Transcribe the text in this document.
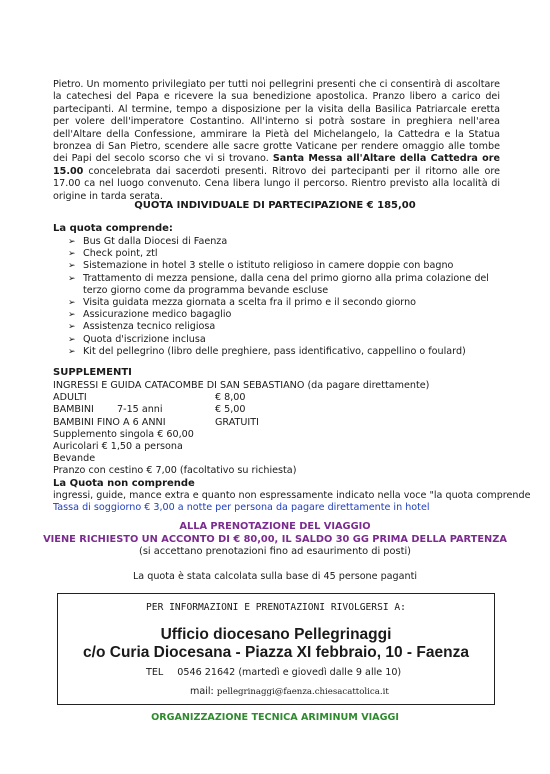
Pietro. Un momento privilegiato per tutti noi pellegrini presenti che ci consentirà di ascoltare la catechesi del Papa e ricevere la sua benedizione apostolica. Pranzo libero a carico dei partecipanti. Al termine, tempo a disposizione per la visita della Basilica Patriarcale eretta per volere dell'imperatore Costantino. All'interno si potrà sostare in preghiera nell'area dell'Altare della Confessione, ammirare la Pietà del Michelangelo, la Cattedra e la Statua bronzea di San Pietro, scendere alle sacre grotte Vaticane per rendere omaggio alle tombe dei Papi del secolo scorso che vi si trovano. Santa Messa all'Altare della Cattedra ore 15.00 concelebrata dai sacerdoti presenti. Ritrovo dei partecipanti per il ritorno alle ore 17.00 ca nel luogo convenuto. Cena libera lungo il percorso. Rientro previsto alla località di origine in tarda serata.
QUOTA INDIVIDUALE DI PARTECIPAZIONE € 185,00
La quota comprende:
➢ Bus Gt dalla Diocesi di Faenza
➢ Check point, ztl
➢ Sistemazione in hotel 3 stelle o istituto religioso in camere doppie con bagno
➢ Trattamento di mezza pensione, dalla cena del primo giorno alla prima colazione del terzo giorno come da programma bevande escluse
➢ Visita guidata mezza giornata a scelta fra il primo e il secondo giorno
➢ Assicurazione medico bagaglio
➢ Assistenza tecnico religiosa
➢ Quota d'iscrizione inclusa
➢ Kit del pellegrino (libro delle preghiere, pass identificativo, cappellino o foulard)
SUPPLEMENTI
INGRESSI E GUIDA CATACOMBE DI SAN SEBASTIANO (da pagare direttamente)
ADULTI	€ 8,00
BAMBINI 7-15 anni	€ 5,00
BAMBINI FINO A 6 ANNI	GRATUITI
Supplemento singola € 60,00
Auricolari € 1,50 a persona
Bevande
Pranzo con cestino € 7,00 (facoltativo su richiesta)
La Quota non comprende
ingressi, guide, mance extra e quanto non espressamente indicato nella voce "la quota comprende
Tassa di soggiorno € 3,00 a notte per persona da pagare direttamente in hotel
ALLA PRENOTAZIONE DEL VIAGGIO
VIENE RICHIESTO UN ACCONTO DI € 80,00, IL SALDO 30 GG PRIMA DELLA PARTENZA
(si accettano prenotazioni fino ad esaurimento di posti)
La quota è stata calcolata sulla base di 45 persone paganti
PER INFORMAZIONI E PRENOTAZIONI RIVOLGERSI A:
Ufficio diocesano Pellegrinaggi
c/o Curia Diocesana - Piazza XI febbraio, 10 - Faenza
TEL 0546 21642 (martedì e giovedì dalle 9 alle 10)
mail: pellegrinaggi@faenza.chiesacattolica.it
ORGANIZZAZIONE TECNICA ARIMINUM VIAGGI
